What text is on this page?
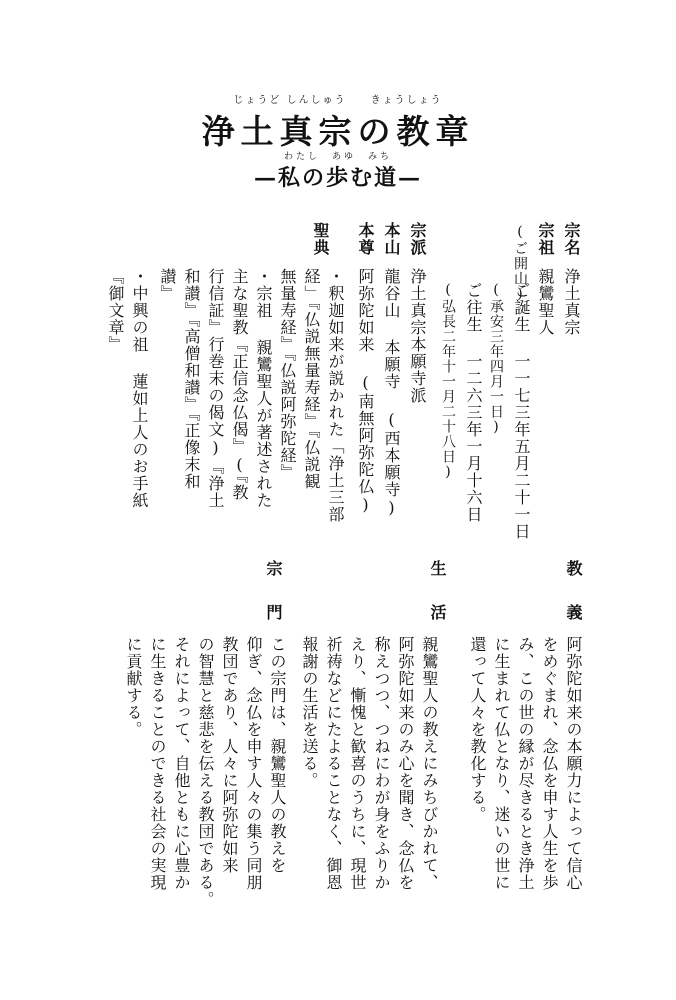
じょうど しんしゅう　　きょうしょう
浄土真宗の教章
わたし　あゆ　みち
—私の歩む道—
宗名
浄土真宗
宗祖
親鸞聖人
(ご開山)
ご誕生 一一七三年五月二十一日
(承安三年四月一日)
ご往生 一二六三年一月十六日
(弘長二年十一月二十八日)
宗派
浄土真宗本願寺派
本山
龍谷山 本願寺 (西本願寺)
本尊
阿弥陀如来 (南無阿弥陀仏)
聖典
・釈迦如来が説かれた「浄土三部
経」『仏説無量寿経』『仏説観
無量寿経』『仏説阿弥陀経』
・宗祖 親鸞聖人が著述された
主な聖教『正信念仏偈』(『教
行信証』行巻末の偈文)『浄土
和讃』『高僧和讃』『正像末和
讃』
・中興の祖 蓮如上人のお手紙
『御文章』
教義
阿弥陀如来の本願力によって信心
をめぐまれ、念仏を申す人生を歩
み、この世の縁が尽きるとき浄土
に生まれて仏となり、迷いの世に
還って人々を教化する。
生活
親鸞聖人の教えにみちびかれて、
阿弥陀如来のみ心を聞き、念仏を
称えつつ、つねにわが身をふりか
えり、慚愧と歓喜のうちに、現世
祈祷などにたよることなく、御恩
報謝の生活を送る。
宗門
この宗門は、親鸞聖人の教えを
仰ぎ、念仏を申す人々の集う同朋
教団であり、人々に阿弥陀如来
の智慧と慈悲を伝える教団である。
それによって、自他ともに心豊か
に生きることのできる社会の実現
に貢献する。
